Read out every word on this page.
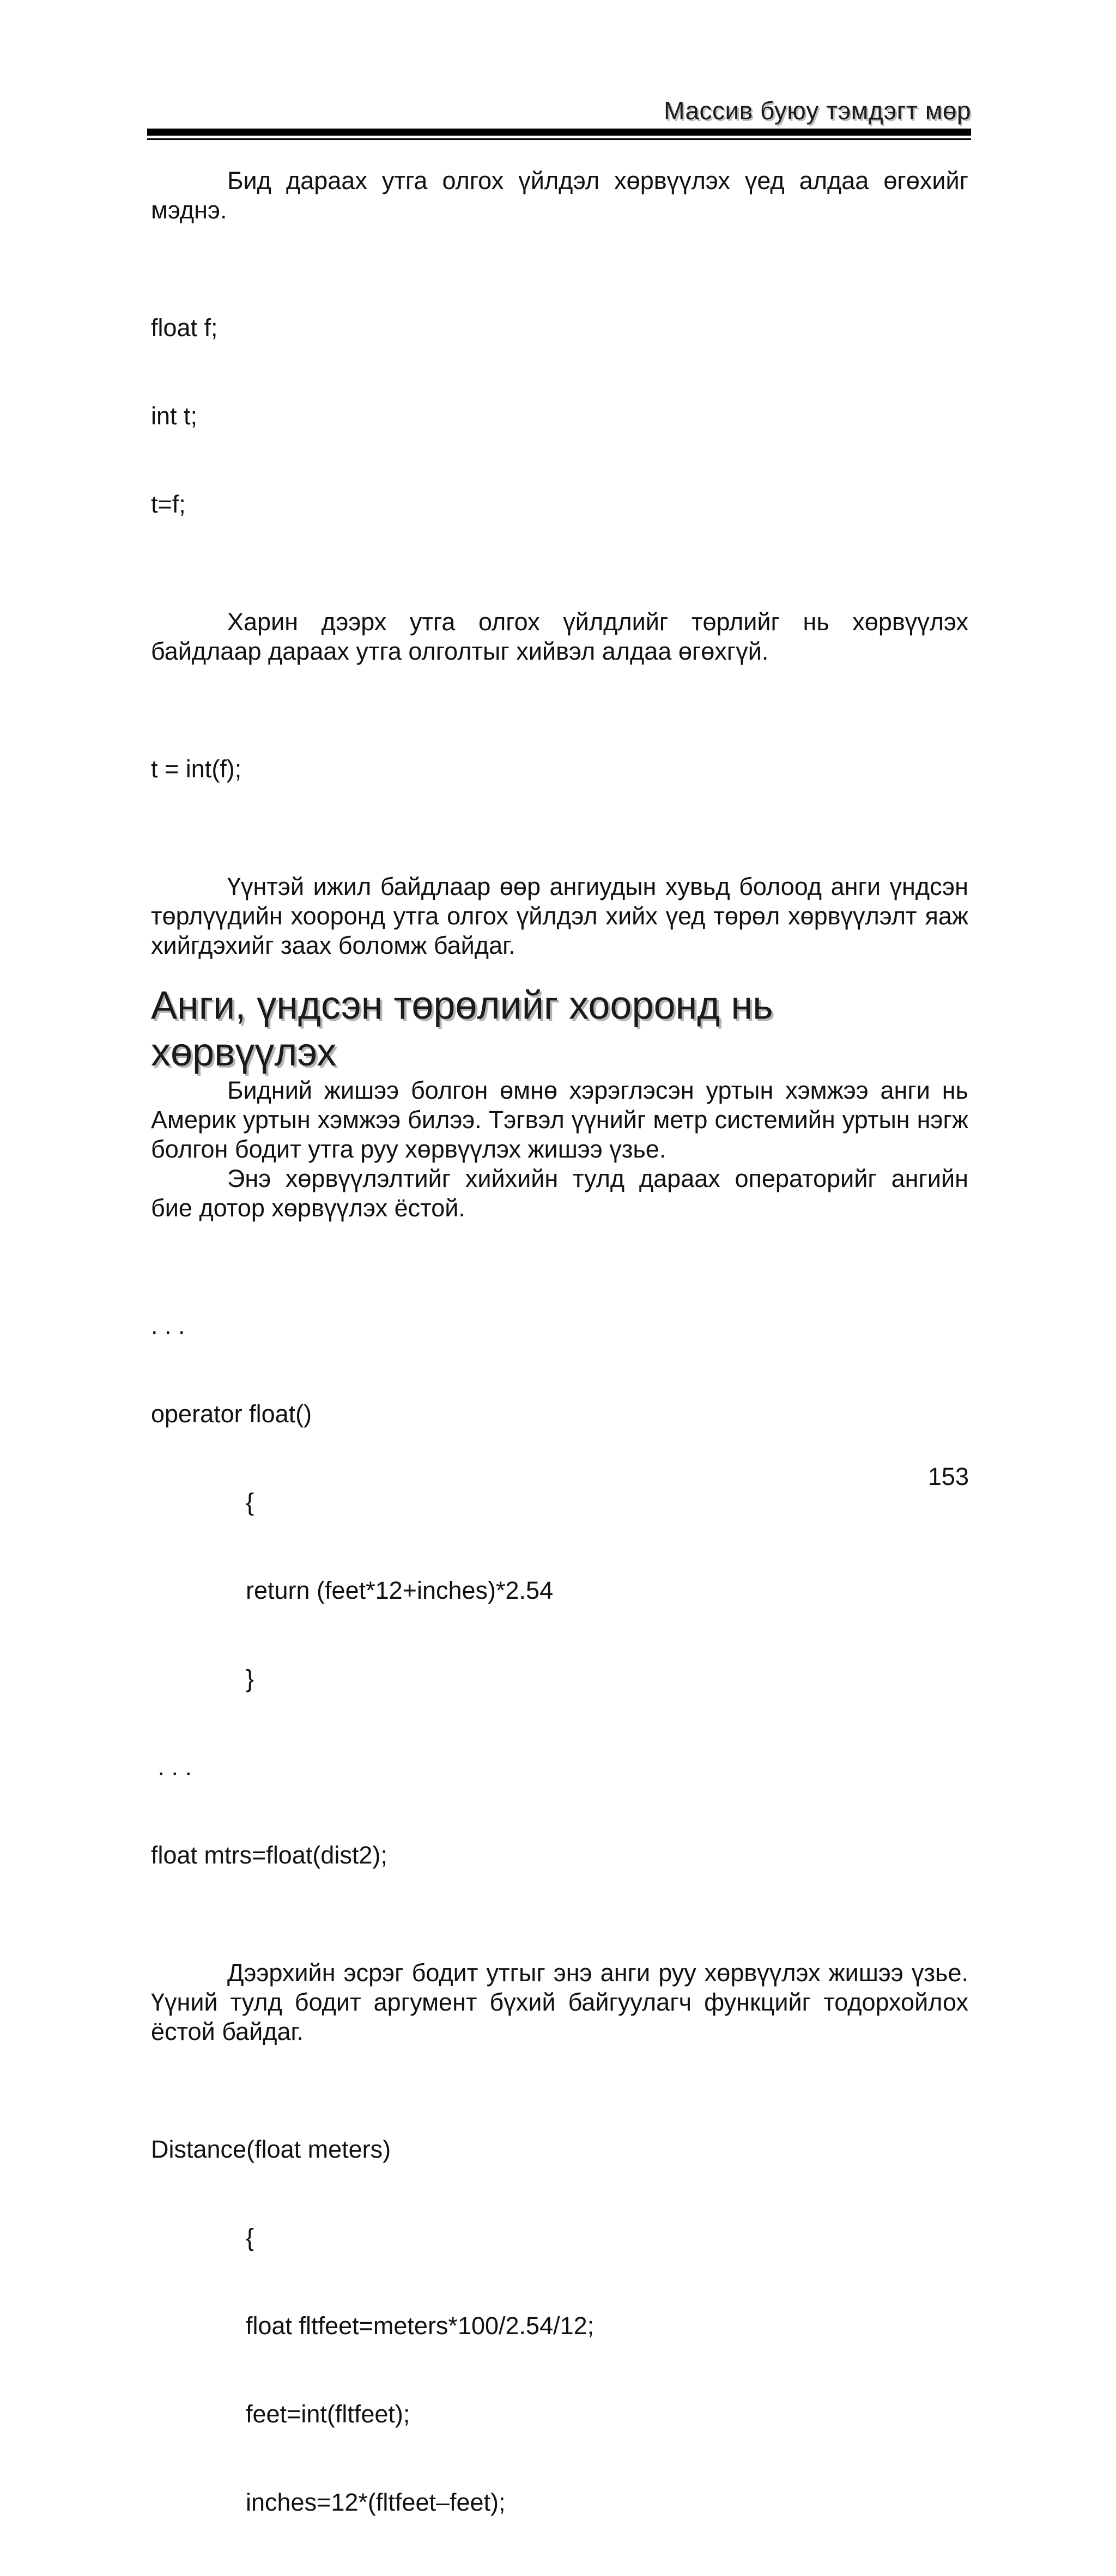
Массив буюу тэмдэгт мөр

Бид дараах утга олгох үйлдэл хөрвүүлэх үед алдаа өгөхийг мэднэ.

float f;

int t;

t=f;

Харин дээрх утга олгох үйлдлийг төрлийг нь хөрвүүлэх байдлаар дараах утга олголтыг хийвэл алдаа өгөхгүй.

t = int(f);

Үүнтэй ижил байдлаар өөр ангиудын хувьд болоод анги үндсэн төрлүүдийн хооронд утга олгох үйлдэл хийх үед төрөл хөрвүүлэлт яаж хийгдэхийг заах боломж байдаг.

Анги, үндсэн төрөлийг хооронд нь хөрвүүлэх

Бидний жишээ болгон өмнө хэрэглэсэн уртын хэмжээ анги нь Америк уртын хэмжээ билээ. Тэгвэл үүнийг метр системийн уртын нэгж болгон бодит утга руу хөрвүүлэх жишээ үзье.

Энэ хөрвүүлэлтийг хийхийн тулд дараах операторийг ангийн бие дотор хөрвүүлэх ёстой.

. . .

operator float()

{

return (feet*12+inches)*2.54

}

. . .

float mtrs=float(dist2);

Дээрхийн эсрэг бодит утгыг энэ анги руу хөрвүүлэх жишээ үзье. Үүний тулд бодит аргумент бүхий байгуулагч функцийг тодорхойлох ёстой байдаг.

Distance(float meters)

{

float fltfeet=meters*100/2.54/12;

feet=int(fltfeet);

inches=12*(fltfeet–feet);

153
